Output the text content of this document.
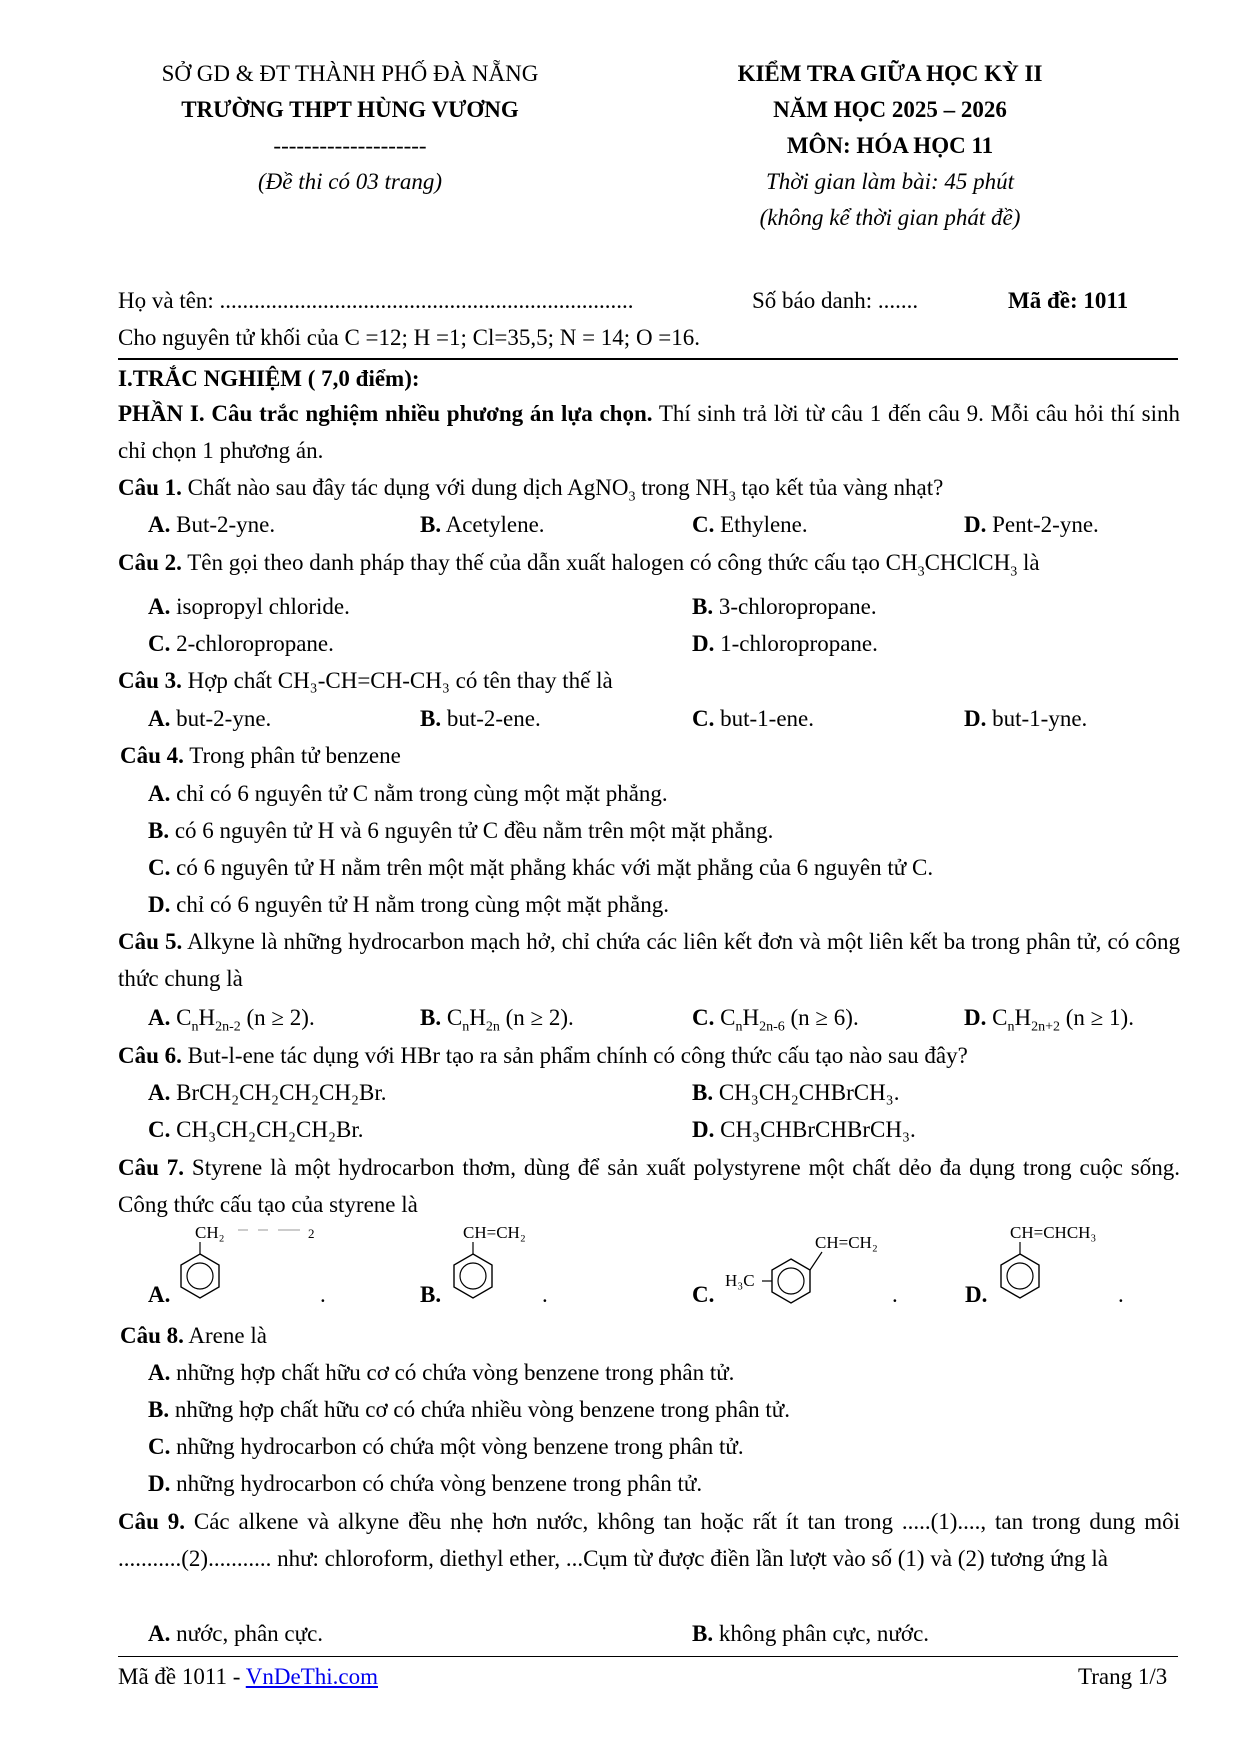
SỞ GD & ĐT THÀNH PHỐ ĐÀ NẴNG
TRƯỜNG THPT HÙNG VƯƠNG
--------------------
(Đề thi có 03 trang)
KIỂM TRA GIỮA HỌC KỲ II
NĂM HỌC 2025 – 2026
MÔN: HÓA HỌC 11
Thời gian làm bài: 45 phút
(không kể thời gian phát đề)
Họ và tên: ........................................................................	Số báo danh: .......	Mã đề: 1011
Cho nguyên tử khối của C =12; H =1; Cl=35,5; N = 14; O =16.
I.TRẮC NGHIỆM ( 7,0 điểm):
PHẦN I. Câu trắc nghiệm nhiều phương án lựa chọn. Thí sinh trả lời từ câu 1 đến câu 9. Mỗi câu hỏi thí sinh chỉ chọn 1 phương án.
Câu 1. Chất nào sau đây tác dụng với dung dịch AgNO$_3$ trong $NH_3$ tạo kết tủa vàng nhạt?
A. But-2-yne.	B. Acetylene.	C. Ethylene.	D. Pent-2-yne.
Câu 2. Tên gọi theo danh pháp thay thế của dẫn xuất halogen có công thức cấu tạo $CH_3CHClCH_3$ là
A. isopropyl chloride.	B. 3-chloropropane.
C. 2-chloropropane.	D. 1-chloropropane.
Câu 3. Hợp chất CH₃-CH=CH-CH₃ có tên thay thế là
A. but-2-yne.	B. but-2-ene.	C. but-1-ene.	D. but-1-yne.
Câu 4. Trong phân tử benzene
A. chỉ có 6 nguyên tử C nằm trong cùng một mặt phẳng.
B. có 6 nguyên tử H và 6 nguyên tử C đều nằm trên một mặt phẳng.
C. có 6 nguyên tử H nằm trên một mặt phẳng khác với mặt phẳng của 6 nguyên tử C.
D. chỉ có 6 nguyên tử H nằm trong cùng một mặt phẳng.
Câu 5. Alkyne là những hydrocarbon mạch hở, chỉ chứa các liên kết đơn và một liên kết ba trong phân tử, có công thức chung là
A. $C_nH_{2n-2}$ (n ≥ 2).	B. $C_nH_{2n}$ (n ≥ 2).	C. $C_nH_{2n-6}$ (n ≥ 6).	D. $C_nH_{2n+2}$ (n ≥ 1).
Câu 6. But-l-ene tác dụng với HBr tạo ra sản phẩm chính có công thức cấu tạo nào sau đây?
A. BrCH₂CH₂CH₂CH₂Br.	B. CH₃CH₂CHBrCH₃.
C. CH₃CH₂CH₂CH₂Br.	D. CH₃CHBrCHBrCH₃.
Câu 7. Styrene là một hydrocarbon thơm, dùng để sản xuất polystyrene một chất dẻo đa dụng trong cuộc sống. Công thức cấu tạo của styrene là
A.
CH₂	2
.	B.
CH=CH₂
.	C.
H₃C
CH=CH₂
.	D.
CH=CHCH₃
.
Câu 8. Arene là
A. những hợp chất hữu cơ có chứa vòng benzene trong phân tử.
B. những hợp chất hữu cơ có chứa nhiều vòng benzene trong phân tử.
C. những hydrocarbon có chứa một vòng benzene trong phân tử.
D. những hydrocarbon có chứa vòng benzene trong phân tử.
Câu 9. Các alkene và alkyne đều nhẹ hơn nước, không tan hoặc rất ít tan trong .....(1)...., tan trong dung môi ...........(2)........... như: chloroform, diethyl ether, ...Cụm từ được điền lần lượt vào số (1) và (2) tương ứng là
A. nước, phân cực.	B. không phân cực, nước.
Mã đề 1011 - VnDeThi.com	Trang 1/3
